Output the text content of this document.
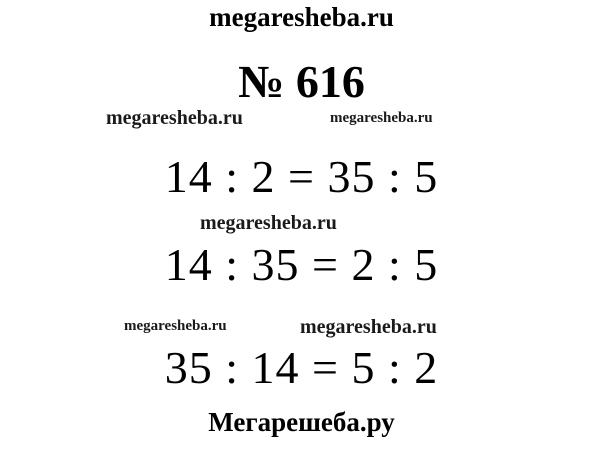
megaresheba.ru
№ 616
megaresheba.ru	megaresheba.ru
14 : 2 = 35 : 5
megaresheba.ru
14 : 35 = 2 : 5
megaresheba.ru	megaresheba.ru
35 : 14 = 5 : 2
Мегарешеба.ру
